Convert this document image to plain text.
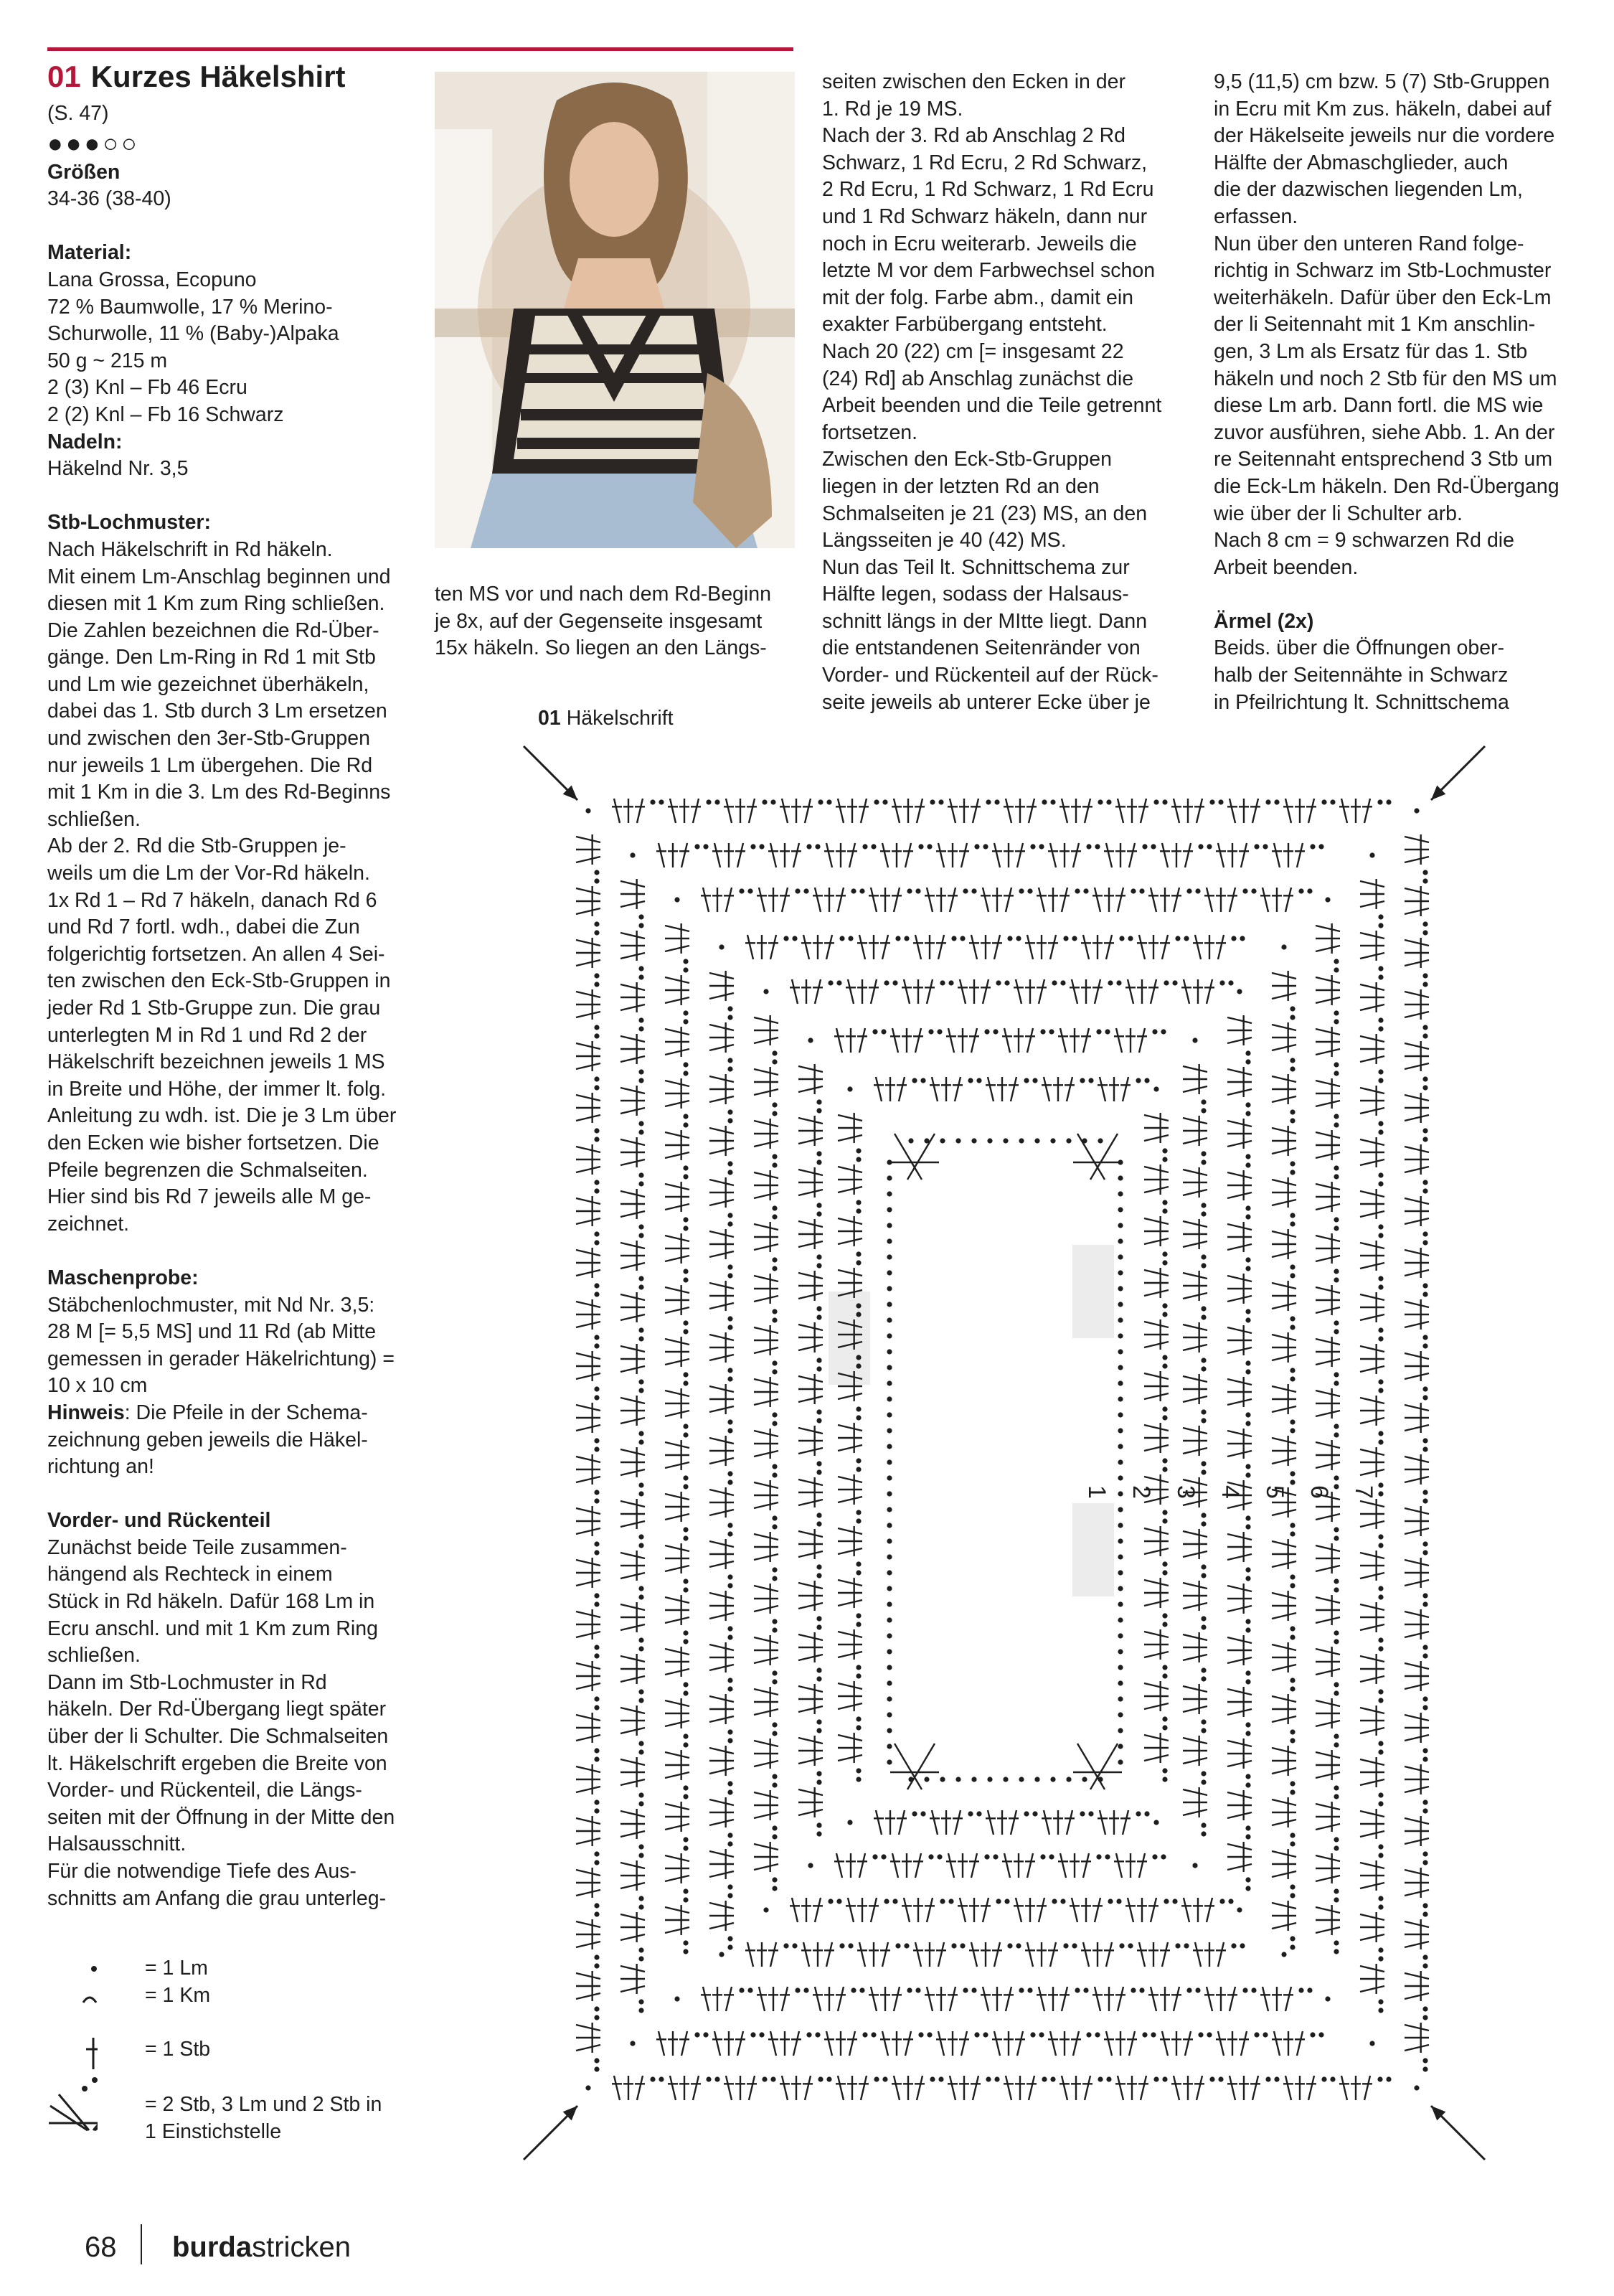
01 Kurzes Häkelshirt

(S. 47)

●●●○○

Größen

34-36 (38-40)

Material:

Lana Grossa, Ecopuno

72 % Baumwolle, 17 % Merino-

Schurwolle, 11 % (Baby-)Alpaka

50 g ~ 215 m

2 (3) Knl – Fb 46 Ecru

2 (2) Knl – Fb 16 Schwarz

Nadeln:

Häkelnd Nr. 3,5

Stb-Lochmuster:

Nach Häkelschrift in Rd häkeln.

Mit einem Lm-Anschlag beginnen und

diesen mit 1 Km zum Ring schließen.

Die Zahlen bezeichnen die Rd-Über-

gänge. Den Lm-Ring in Rd 1 mit Stb

und Lm wie gezeichnet überhäkeln,

dabei das 1. Stb durch 3 Lm ersetzen

und zwischen den 3er-Stb-Gruppen

nur jeweils 1 Lm übergehen. Die Rd

mit 1 Km in die 3. Lm des Rd-Beginns

schließen.

Ab der 2. Rd die Stb-Gruppen je-

weils um die Lm der Vor-Rd häkeln.

1x Rd 1 – Rd 7 häkeln, danach Rd 6

und Rd 7 fortl. wdh., dabei die Zun

folgerichtig fortsetzen. An allen 4 Sei-

ten zwischen den Eck-Stb-Gruppen in

jeder Rd 1 Stb-Gruppe zun. Die grau

unterlegten M in Rd 1 und Rd 2 der

Häkelschrift bezeichnen jeweils 1 MS

in Breite und Höhe, der immer lt. folg.

Anleitung zu wdh. ist. Die je 3 Lm über

den Ecken wie bisher fortsetzen. Die

Pfeile begrenzen die Schmalseiten.

Hier sind bis Rd 7 jeweils alle M ge-

zeichnet.

Maschenprobe:

Stäbchenlochmuster, mit Nd Nr. 3,5:

28 M [= 5,5 MS] und 11 Rd (ab Mitte

gemessen in gerader Häkelrichtung) =

10 x 10 cm

Hinweis: Die Pfeile in der Schema-

zeichnung geben jeweils die Häkel-

richtung an!

Vorder- und Rückenteil

Zunächst beide Teile zusammen-

hängend als Rechteck in einem

Stück in Rd häkeln. Dafür 168 Lm in

Ecru anschl. und mit 1 Km zum Ring

schließen.

Dann im Stb-Lochmuster in Rd

häkeln. Der Rd-Übergang liegt später

über der li Schulter. Die Schmalseiten

lt. Häkelschrift ergeben die Breite von

Vorder- und Rückenteil, die Längs-

seiten mit der Öffnung in der Mitte den

Halsausschnitt.

Für die notwendige Tiefe des Aus-

schnitts am Anfang die grau unterleg-

ten MS vor und nach dem Rd-Beginn

je 8x, auf der Gegenseite insgesamt

15x häkeln. So liegen an den Längs-

seiten zwischen den Ecken in der

1. Rd je 19 MS.

Nach der 3. Rd ab Anschlag 2 Rd

Schwarz, 1 Rd Ecru, 2 Rd Schwarz,

2 Rd Ecru, 1 Rd Schwarz, 1 Rd Ecru

und 1 Rd Schwarz häkeln, dann nur

noch in Ecru weiterarb. Jeweils die

letzte M vor dem Farbwechsel schon

mit der folg. Farbe abm., damit ein

exakter Farbübergang entsteht.

Nach 20 (22) cm [= insgesamt 22

(24) Rd] ab Anschlag zunächst die

Arbeit beenden und die Teile getrennt

fortsetzen.

Zwischen den Eck-Stb-Gruppen

liegen in der letzten Rd an den

Schmalseiten je 21 (23) MS, an den

Längsseiten je 40 (42) MS.

Nun das Teil lt. Schnittschema zur

Hälfte legen, sodass der Halsaus-

schnitt längs in der MItte liegt. Dann

die entstandenen Seitenränder von

Vorder- und Rückenteil auf der Rück-

seite jeweils ab unterer Ecke über je

9,5 (11,5) cm bzw. 5 (7) Stb-Gruppen

in Ecru mit Km zus. häkeln, dabei auf

der Häkelseite jeweils nur die vordere

Hälfte der Abmaschglieder, auch

die der dazwischen liegenden Lm,

erfassen.

Nun über den unteren Rand folge-

richtig in Schwarz im Stb-Lochmuster

weiterhäkeln. Dafür über den Eck-Lm

der li Seitennaht mit 1 Km anschlin-

gen, 3 Lm als Ersatz für das 1. Stb

häkeln und noch 2 Stb für den MS um

diese Lm arb. Dann fortl. die MS wie

zuvor ausführen, siehe Abb. 1. An der

re Seitennaht entsprechend 3 Stb um

die Eck-Lm häkeln. Den Rd-Übergang

wie über der li Schulter arb.

Nach 8 cm = 9 schwarzen Rd die

Arbeit beenden.

Ärmel (2x)

Beids. über die Öffnungen ober-

halb der Seitennähte in Schwarz

in Pfeilrichtung lt. Schnittschema

01 Häkelschrift
1 2 3 4 5 6 7
= 1 Lm
= 1 Km
= 1 Stb
= 2 Stb, 3 Lm und 2 Stb in
1 Einstichstelle
68 burdastricken
